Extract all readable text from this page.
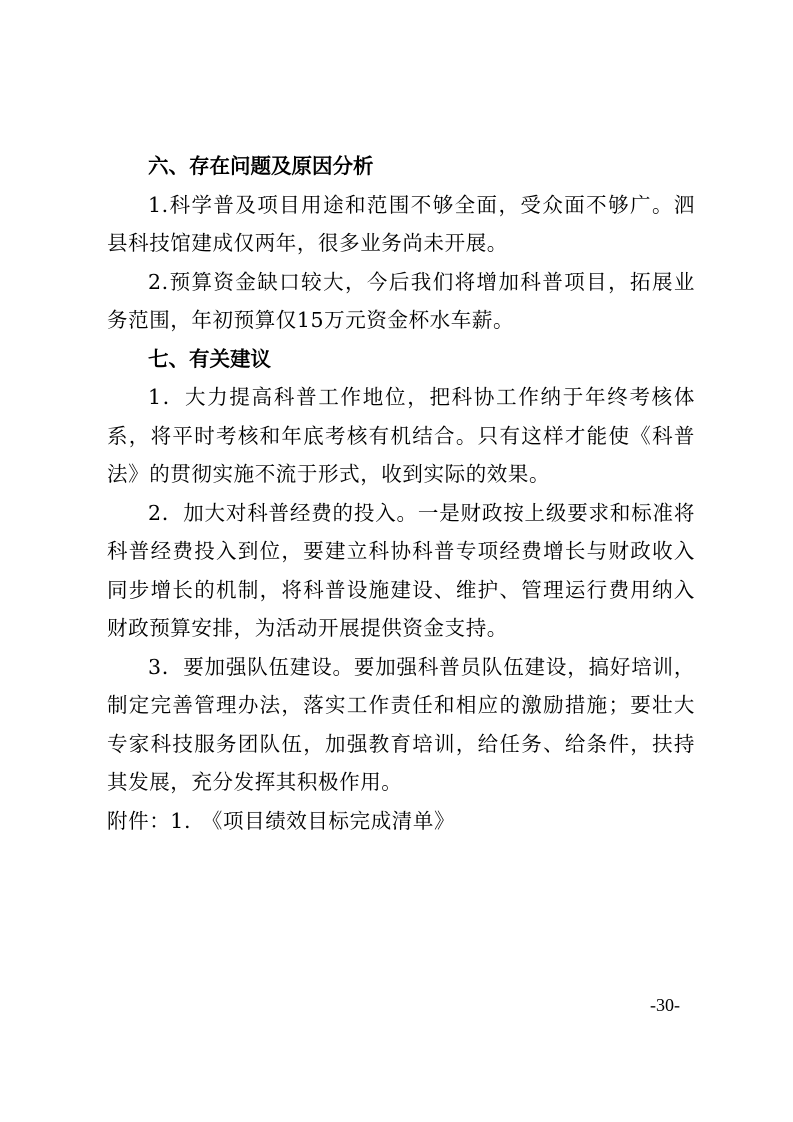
六、存在问题及原因分析

1.科学普及项目用途和范围不够全面，受众面不够广。泗县科技馆建成仅两年，很多业务尚未开展。

2.预算资金缺口较大，今后我们将增加科普项目，拓展业务范围，年初预算仅15万元资金杯水车薪。

七、有关建议

1．大力提高科普工作地位，把科协工作纳于年终考核体系，将平时考核和年底考核有机结合。只有这样才能使《科普法》的贯彻实施不流于形式，收到实际的效果。

2．加大对科普经费的投入。一是财政按上级要求和标准将科普经费投入到位，要建立科协科普专项经费增长与财政收入同步增长的机制，将科普设施建设、维护、管理运行费用纳入财政预算安排，为活动开展提供资金支持。

3．要加强队伍建设。要加强科普员队伍建设，搞好培训，制定完善管理办法，落实工作责任和相应的激励措施；要壮大专家科技服务团队伍，加强教育培训，给任务、给条件，扶持其发展，充分发挥其积极作用。

附件：1.　《项目绩效目标完成清单》

-30-
